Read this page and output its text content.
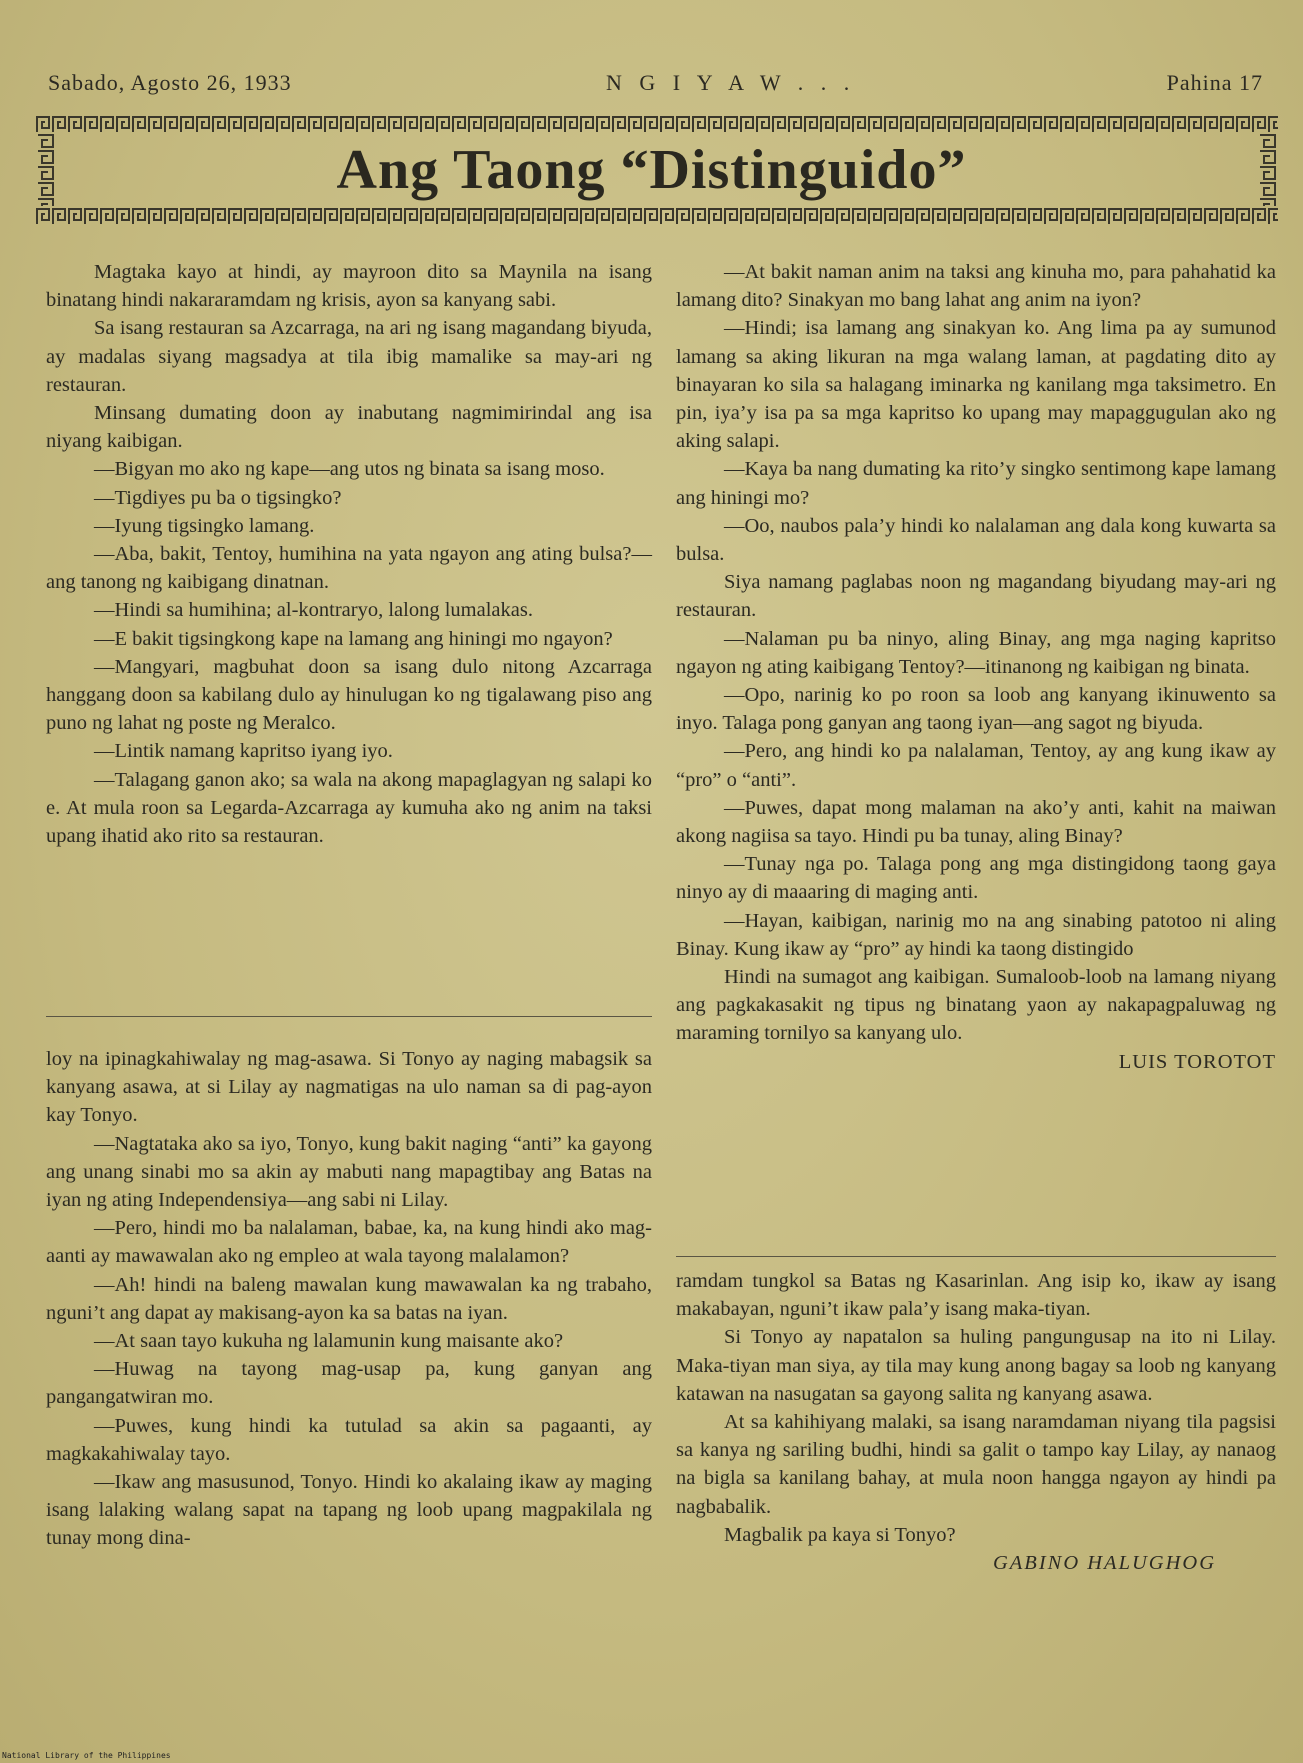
Sabado, Agosto 26, 1933	N G I Y A W . . .	Pahina 17
Ang Taong “Distinguido”

Magtaka kayo at hindi, ay mayroon dito sa Maynila na isang binatang hindi nakararamdam ng krisis, ayon sa kanyang sabi.

Sa isang restauran sa Azcarraga, na ari ng isang magandang biyuda, ay madalas siyang magsadya at tila ibig mamalike sa may-ari ng restauran.

Minsang dumating doon ay inabutang nagmimirindal ang isa niyang kaibigan.

—Bigyan mo ako ng kape—ang utos ng binata sa isang moso.

—Tigdiyes pu ba o tigsingko?

—Iyung tigsingko lamang.

—Aba, bakit, Tentoy, humihina na yata ngayon ang ating bulsa?—ang tanong ng kaibigang dinatnan.

—Hindi sa humihina; al-kontraryo, lalong lumalakas.

—E bakit tigsingkong kape na lamang ang hiningi mo ngayon?

—Mangyari, magbuhat doon sa isang dulo nitong Azcarraga hanggang doon sa kabilang dulo ay hinulugan ko ng tigalawang piso ang puno ng lahat ng poste ng Meralco.

—Lintik namang kapritso iyang iyo.

—Talagang ganon ako; sa wala na akong mapaglagyan ng salapi ko e. At mula roon sa Legarda-Azcarraga ay kumuha ako ng anim na taksi upang ihatid ako rito sa restauran.

—At bakit naman anim na taksi ang kinuha mo, para pahahatid ka lamang dito? Sinakyan mo bang lahat ang anim na iyon?

—Hindi; isa lamang ang sinakyan ko. Ang lima pa ay sumunod lamang sa aking likuran na mga walang laman, at pagdating dito ay binayaran ko sila sa halagang iminarka ng kanilang mga taksimetro. En pin, iya’y isa pa sa mga kapritso ko upang may mapaggugulan ako ng aking salapi.

—Kaya ba nang dumating ka rito’y singko sentimong kape lamang ang hiningi mo?

—Oo, naubos pala’y hindi ko nalalaman ang dala kong kuwarta sa bulsa.

Siya namang paglabas noon ng magandang biyudang may-ari ng restauran.

—Nalaman pu ba ninyo, aling Binay, ang mga naging kapritso ngayon ng ating kaibigang Tentoy?—itinanong ng kaibigan ng binata.

—Opo, narinig ko po roon sa loob ang kanyang ikinuwento sa inyo. Talaga pong ganyan ang taong iyan—ang sagot ng biyuda.

—Pero, ang hindi ko pa nalalaman, Tentoy, ay ang kung ikaw ay “pro” o “anti”.

—Puwes, dapat mong malaman na ako’y anti, kahit na maiwan akong nagiisa sa tayo. Hindi pu ba tunay, aling Binay?

—Tunay nga po. Talaga pong ang mga distingidong taong gaya ninyo ay di maaaring di maging anti.

—Hayan, kaibigan, narinig mo na ang sinabing patotoo ni aling Binay. Kung ikaw ay “pro” ay hindi ka taong distingido

Hindi na sumagot ang kaibigan. Sumaloob-loob na lamang niyang ang pagkakasakit ng tipus ng binatang yaon ay nakapagpaluwag ng maraming tornilyo sa kanyang ulo.

LUIS TOROTOT

loy na ipinagkahiwalay ng mag-asawa. Si Tonyo ay naging mabagsik sa kanyang asawa, at si Lilay ay nagmatigas na ulo naman sa di pag-ayon kay Tonyo.

—Nagtataka ako sa iyo, Tonyo, kung bakit naging “anti” ka gayong ang unang sinabi mo sa akin ay mabuti nang mapagtibay ang Batas na iyan ng ating Independensiya—ang sabi ni Lilay.

—Pero, hindi mo ba nalalaman, babae, ka, na kung hindi ako mag-aanti ay mawawalan ako ng empleo at wala tayong malalamon?

—Ah! hindi na baleng mawalan kung mawawalan ka ng trabaho, nguni’t ang dapat ay makisang-ayon ka sa batas na iyan.

—At saan tayo kukuha ng lalamunin kung maisante ako?

—Huwag na tayong mag-usap pa, kung ganyan ang pangangatwiran mo.

—Puwes, kung hindi ka tutulad sa akin sa pagaanti, ay magkakahiwalay tayo.

—Ikaw ang masusunod, Tonyo. Hindi ko akalaing ikaw ay maging isang lalaking walang sapat na tapang ng loob upang magpakilala ng tunay mong dina-

ramdam tungkol sa Batas ng Kasarinlan. Ang isip ko, ikaw ay isang makabayan, nguni’t ikaw pala’y isang maka-tiyan.

Si Tonyo ay napatalon sa huling pangungusap na ito ni Lilay. Maka-tiyan man siya, ay tila may kung anong bagay sa loob ng kanyang katawan na nasugatan sa gayong salita ng kanyang asawa.

At sa kahihiyang malaki, sa isang naramdaman niyang tila pagsisi sa kanya ng sariling budhi, hindi sa galit o tampo kay Lilay, ay nanaog na bigla sa kanilang bahay, at mula noon hangga ngayon ay hindi pa nagbabalik.

Magbalik pa kaya si Tonyo?

GABINO HALUGHOG

National Library of the Philippines
